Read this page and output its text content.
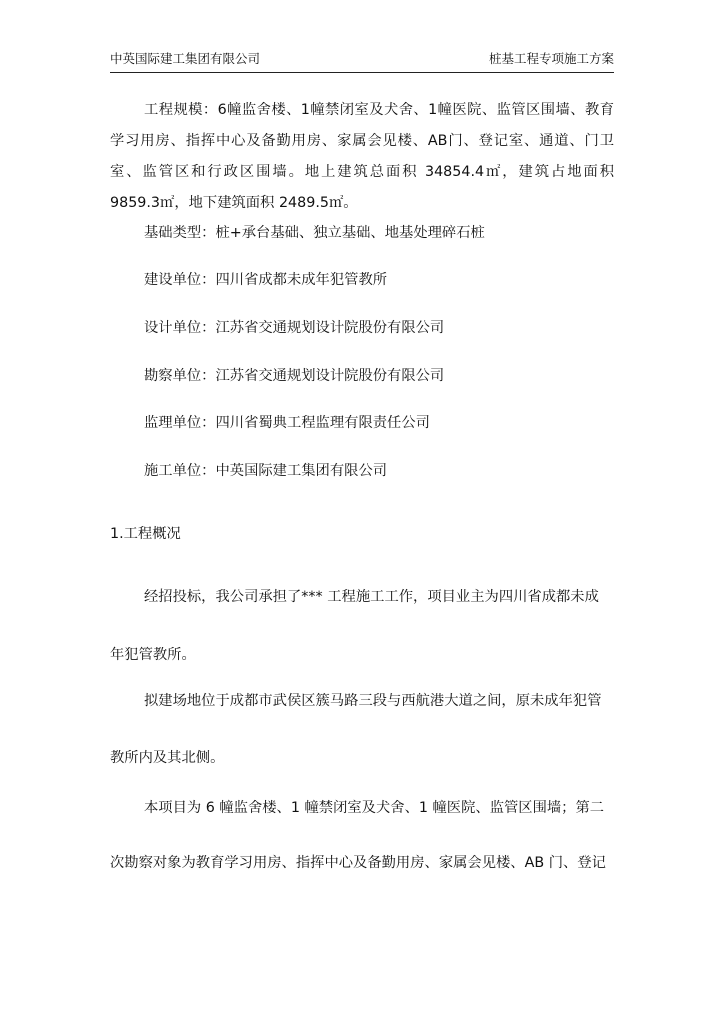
中英国际建工集团有限公司	桩基工程专项施工方案

工程规模：6幢监舍楼、1幢禁闭室及犬舍、1幢医院、监管区围墙、教育学习用房、指挥中心及备勤用房、家属会见楼、AB门、登记室、通道、门卫室、监管区和行政区围墙。地上建筑总面积 34854.4㎡，建筑占地面积 9859.3㎡，地下建筑面积 2489.5㎡。

基础类型：桩+承台基础、独立基础、地基处理碎石桩
建设单位：四川省成都未成年犯管教所
设计单位：江苏省交通规划设计院股份有限公司
勘察单位：江苏省交通规划设计院股份有限公司
监理单位：四川省蜀典工程监理有限责任公司
施工单位：中英国际建工集团有限公司
1.工程概况
经招投标，我公司承担了*** 工程施工工作，项目业主为四川省成都未成
年犯管教所。
拟建场地位于成都市武侯区簇马路三段与西航港大道之间，原未成年犯管
教所内及其北侧。
本项目为 6 幢监舍楼、1 幢禁闭室及犬舍、1 幢医院、监管区围墙；第二
次勘察对象为教育学习用房、指挥中心及备勤用房、家属会见楼、AB 门、登记
